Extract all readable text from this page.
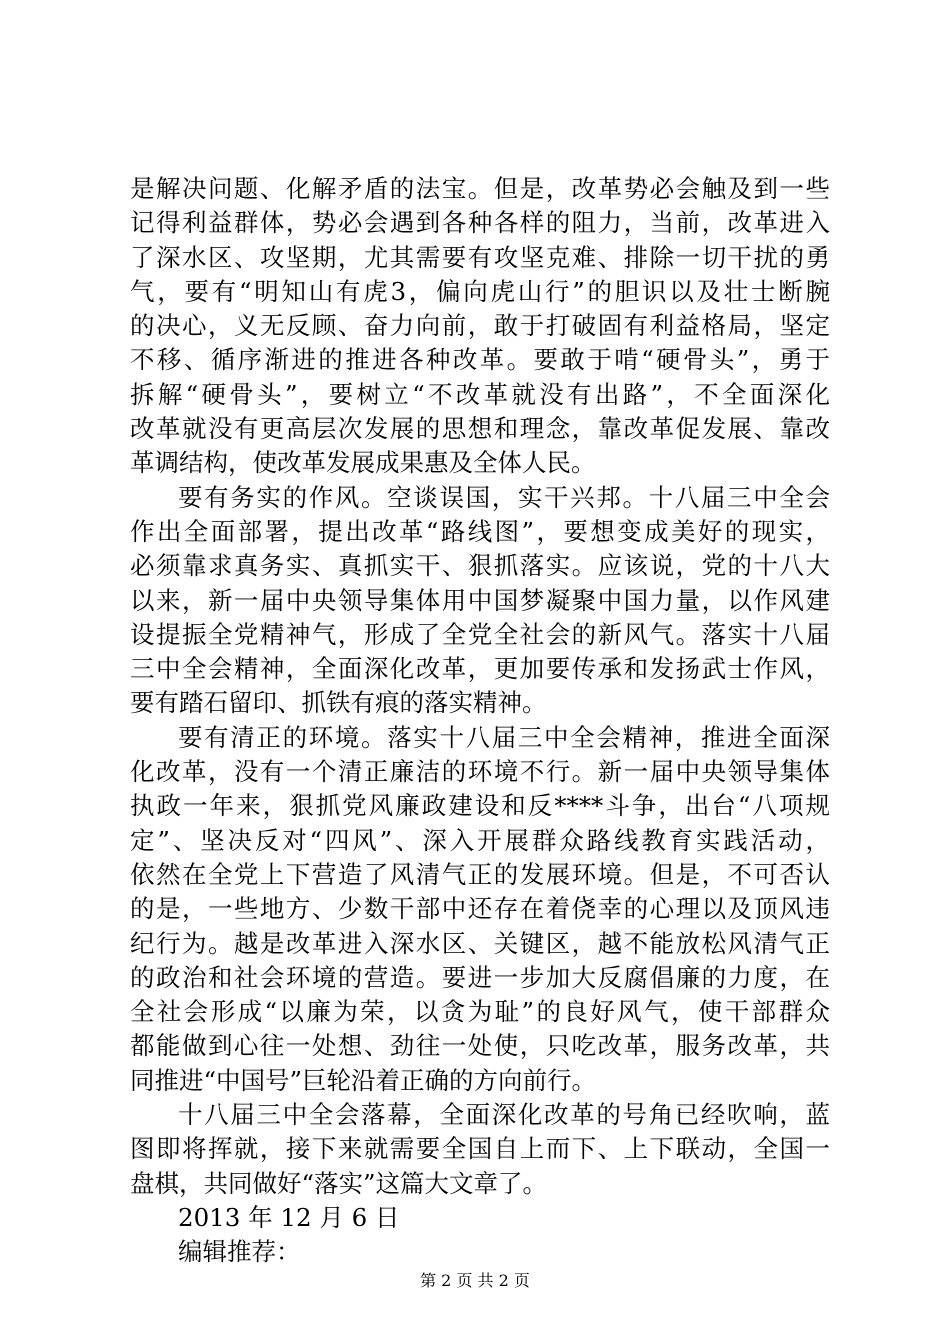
是解决问题、化解矛盾的法宝。但是，改革势必会触及到一些
记得利益群体，势必会遇到各种各样的阻力，当前，改革进入
了深水区、攻坚期，尤其需要有攻坚克难、排除一切干扰的勇
气，要有“明知山有虎3，偏向虎山行”的胆识以及壮士断腕
的决心，义无反顾、奋力向前，敢于打破固有利益格局，坚定
不移、循序渐进的推进各种改革。要敢于啃“硬骨头”，勇于
拆解“硬骨头”，要树立“不改革就没有出路”，不全面深化
改革就没有更高层次发展的思想和理念，靠改革促发展、靠改
革调结构，使改革发展成果惠及全体人民。
要有务实的作风。空谈误国，实干兴邦。十八届三中全会
作出全面部署，提出改革“路线图”，要想变成美好的现实，
必须靠求真务实、真抓实干、狠抓落实。应该说，党的十八大
以来，新一届中央领导集体用中国梦凝聚中国力量，以作风建
设提振全党精神气，形成了全党全社会的新风气。落实十八届
三中全会精神，全面深化改革，更加要传承和发扬武士作风，
要有踏石留印、抓铁有痕的落实精神。
要有清正的环境。落实十八届三中全会精神，推进全面深
化改革，没有一个清正廉洁的环境不行。新一届中央领导集体
执政一年来，狠抓党风廉政建设和反****斗争，出台“八项规
定”、坚决反对“四风”、深入开展群众路线教育实践活动，
依然在全党上下营造了风清气正的发展环境。但是，不可否认
的是，一些地方、少数干部中还存在着侥幸的心理以及顶风违
纪行为。越是改革进入深水区、关键区，越不能放松风清气正
的政治和社会环境的营造。要进一步加大反腐倡廉的力度，在
全社会形成“以廉为荣，以贪为耻”的良好风气，使干部群众
都能做到心往一处想、劲往一处使，只吃改革，服务改革，共
同推进“中国号”巨轮沿着正确的方向前行。
十八届三中全会落幕，全面深化改革的号角已经吹响，蓝
图即将挥就，接下来就需要全国自上而下、上下联动，全国一
盘棋，共同做好“落实”这篇大文章了。
2013 年 12 月 6 日
编辑推荐：
第 2 页 共 2 页
